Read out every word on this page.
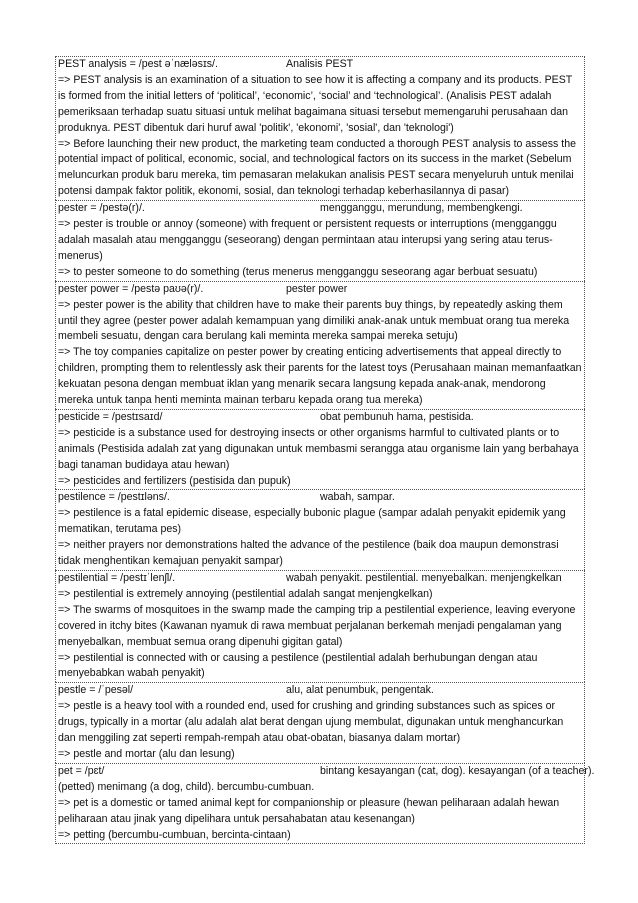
PEST analysis = /pest əˈnæləsɪs/.	Analisis PEST
=> PEST analysis is an examination of a situation to see how it is affecting a company and its products. PEST is formed from the initial letters of ‘political’, ‘economic’, ‘social’ and ‘technological’. (Analisis PEST adalah pemeriksaan terhadap suatu situasi untuk melihat bagaimana situasi tersebut memengaruhi perusahaan dan produknya. PEST dibentuk dari huruf awal 'politik', 'ekonomi', 'sosial', dan 'teknologi')
=> Before launching their new product, the marketing team conducted a thorough PEST analysis to assess the potential impact of political, economic, social, and technological factors on its success in the market (Sebelum meluncurkan produk baru mereka, tim pemasaran melakukan analisis PEST secara menyeluruh untuk menilai potensi dampak faktor politik, ekonomi, sosial, dan teknologi terhadap keberhasilannya di pasar)
pester = /pestə(r)/.	mengganggu, merundung, membengkengi.
=> pester is trouble or annoy (someone) with frequent or persistent requests or interruptions (mengganggu adalah masalah atau mengganggu (seseorang) dengan permintaan atau interupsi yang sering atau terus-menerus)
=> to pester someone to do something (terus menerus mengganggu seseorang agar berbuat sesuatu)
pester power = /pestə paʊə(r)/.	pester power
=> pester power is the ability that children have to make their parents buy things, by repeatedly asking them until they agree (pester power adalah kemampuan yang dimiliki anak-anak untuk membuat orang tua mereka membeli sesuatu, dengan cara berulang kali meminta mereka sampai mereka setuju)
=> The toy companies capitalize on pester power by creating enticing advertisements that appeal directly to children, prompting them to relentlessly ask their parents for the latest toys (Perusahaan mainan memanfaatkan kekuatan pesona dengan membuat iklan yang menarik secara langsung kepada anak-anak, mendorong mereka untuk tanpa henti meminta mainan terbaru kepada orang tua mereka)
pesticide = /pestɪsaɪd/	obat pembunuh hama, pestisida.
=> pesticide is a substance used for destroying insects or other organisms harmful to cultivated plants or to animals (Pestisida adalah zat yang digunakan untuk membasmi serangga atau organisme lain yang berbahaya bagi tanaman budidaya atau hewan)
=> pesticides and fertilizers (pestisida dan pupuk)
pestilence = /pestɪləns/.	wabah, sampar.
=> pestilence is a fatal epidemic disease, especially bubonic plague (sampar adalah penyakit epidemik yang mematikan, terutama pes)
=> neither prayers nor demonstrations halted the advance of the pestilence (baik doa maupun demonstrasi tidak menghentikan kemajuan penyakit sampar)
pestilential = /pestɪˈlenʃl/.	wabah penyakit. pestilential. menyebalkan. menjengkelkan
=> pestilential is extremely annoying (pestilential adalah sangat menjengkelkan)
=> The swarms of mosquitoes in the swamp made the camping trip a pestilential experience, leaving everyone covered in itchy bites (Kawanan nyamuk di rawa membuat perjalanan berkemah menjadi pengalaman yang menyebalkan, membuat semua orang dipenuhi gigitan gatal)
=> pestilential is connected with or causing a pestilence (pestilential adalah berhubungan dengan atau menyebabkan wabah penyakit)
pestle = /ˈpesəl/	alu, alat penumbuk, pengentak.
=> pestle is a heavy tool with a rounded end, used for crushing and grinding substances such as spices or drugs, typically in a mortar (alu adalah alat berat dengan ujung membulat, digunakan untuk menghancurkan dan menggiling zat seperti rempah-rempah atau obat-obatan, biasanya dalam mortar)
=> pestle and mortar (alu dan lesung)
pet = /pɛt/	bintang kesayangan (cat, dog). kesayangan (of a teacher).
(petted) menimang (a dog, child). bercumbu-cumbuan.
=> pet is a domestic or tamed animal kept for companionship or pleasure (hewan peliharaan adalah hewan peliharaan atau jinak yang dipelihara untuk persahabatan atau kesenangan)
=> petting (bercumbu-cumbuan, bercinta-cintaan)
